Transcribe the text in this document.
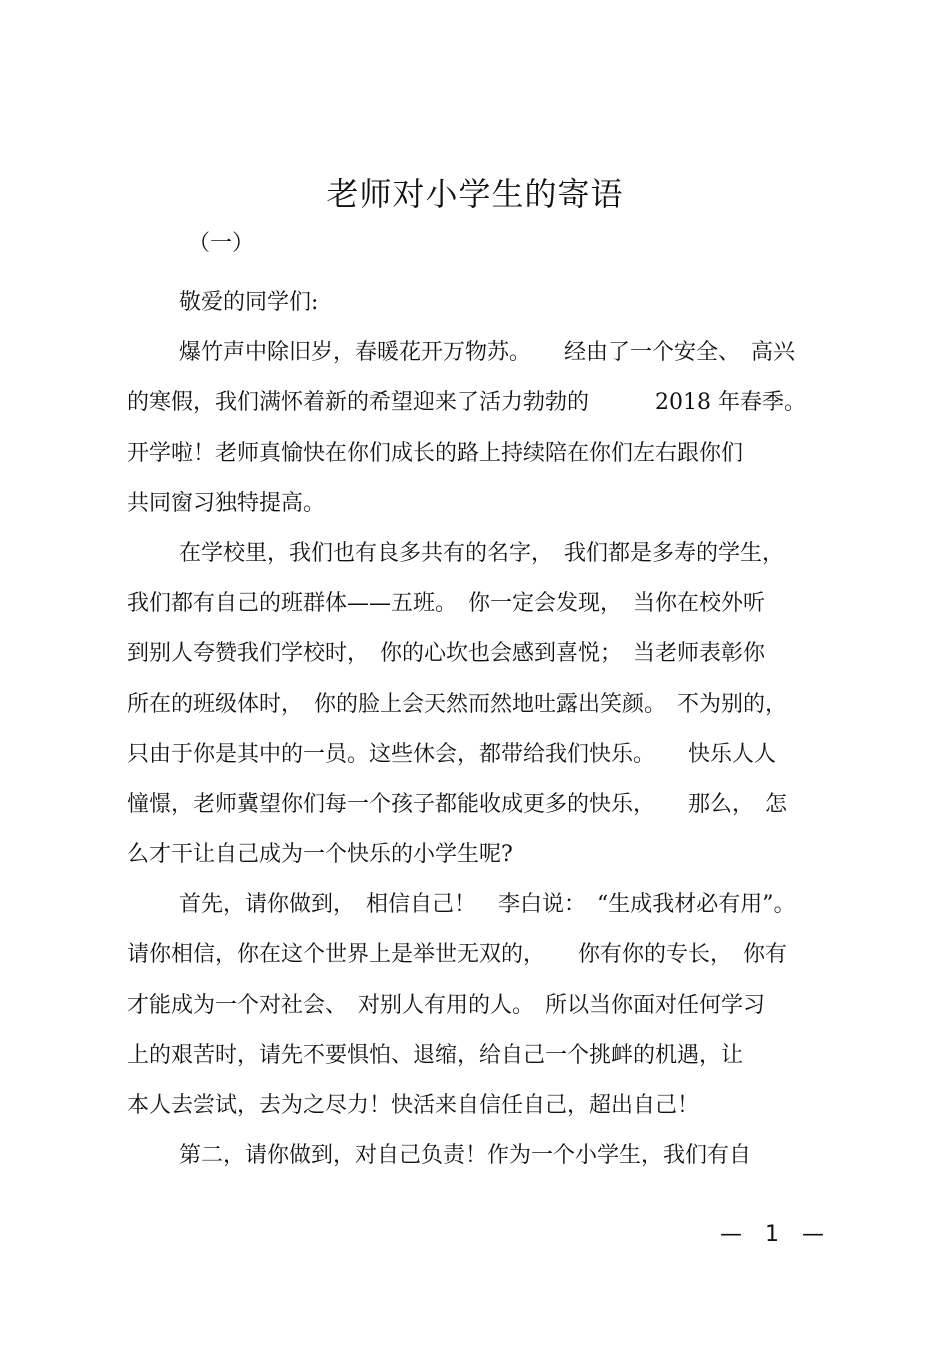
老师对小学生的寄语
（一）
敬爱的同学们:
爆竹声中除旧岁，春暖花开万物苏。　　经由了一个安全、　高兴
的寒假，我们满怀着新的希望迎来了活力勃勃的　　　2018 年春季。
开学啦！老师真愉快在你们成长的路上持续陪在你们左右跟你们
共同窗习独特提高。
在学校里，我们也有良多共有的名字，　我们都是多寿的学生，
我们都有自己的班群体——五班。　你一定会发现，　当你在校外听
到别人夸赞我们学校时，　你的心坎也会感到喜悦；　当老师表彰你
所在的班级体时，　你的脸上会天然而然地吐露出笑颜。　不为别的，
只由于你是其中的一员。这些休会，都带给我们快乐。　　快乐人人
憧憬，老师冀望你们每一个孩子都能收成更多的快乐，　　那么，　怎
么才干让自己成为一个快乐的小学生呢?
首先，请你做到，　相信自己！　李白说：　“生成我材必有用”。
请你相信，你在这个世界上是举世无双的，　　你有你的专长，　你有
才能成为一个对社会、　对别人有用的人。　所以当你面对任何学习
上的艰苦时，请先不要惧怕、退缩，给自己一个挑衅的机遇，让
本人去尝试，去为之尽力！快活来自信任自己，超出自己！
第二，请你做到，对自己负责！作为一个小学生，我们有自
— 1 —
